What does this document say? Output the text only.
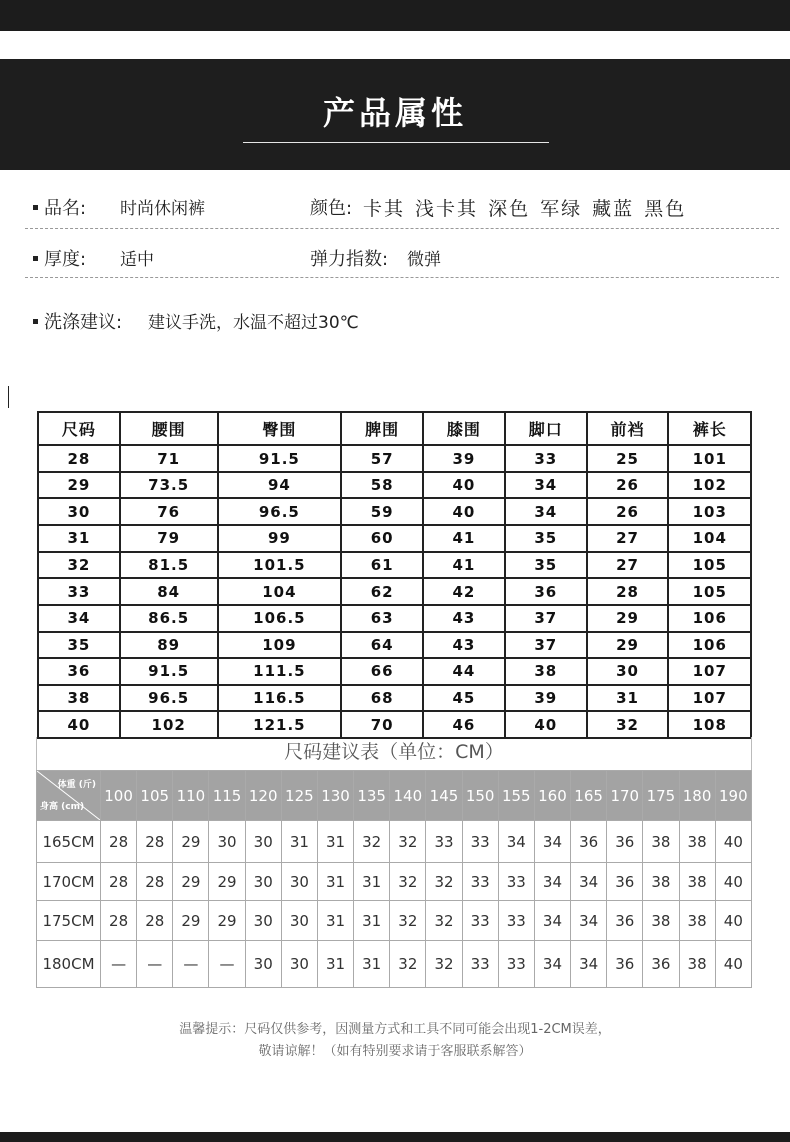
产品属性
品名: 时尚休闲裤	颜色: 卡其 浅卡其 深色 军绿 藏蓝 黑色
厚度: 适中	弹力指数: 微弹
洗涤建议: 建议手洗，水温不超过30℃
尺码	腰围	臀围	脾围	膝围	脚口	前裆	裤长
28	71	91.5	57	39	33	25	101
29	73.5	94	58	40	34	26	102
30	76	96.5	59	40	34	26	103
31	79	99	60	41	35	27	104
32	81.5	101.5	61	41	35	27	105
33	84	104	62	42	36	28	105
34	86.5	106.5	63	43	37	29	106
35	89	109	64	43	37	29	106
36	91.5	111.5	66	44	38	30	107
38	96.5	116.5	68	45	39	31	107
40	102	121.5	70	46	40	32	108
尺码建议表（单位：CM）
体重 (斤)
身高 (cm)	100	105	110	115	120	125	130	135	140	145	150	155	160	165	170	175	180	190
165CM	28	28	29	30	30	31	31	32	32	33	33	34	34	36	36	38	38	40
170CM	28	28	29	29	30	30	31	31	32	32	33	33	34	34	36	38	38	40
175CM	28	28	29	29	30	30	31	31	32	32	33	33	34	34	36	38	38	40
180CM	—	—	—	—	30	30	31	31	32	32	33	33	34	34	36	36	38	40
温馨提示：尺码仅供参考，因测量方式和工具不同可能会出现1-2CM误差，
敬请谅解！（如有特别要求请于客服联系解答）
